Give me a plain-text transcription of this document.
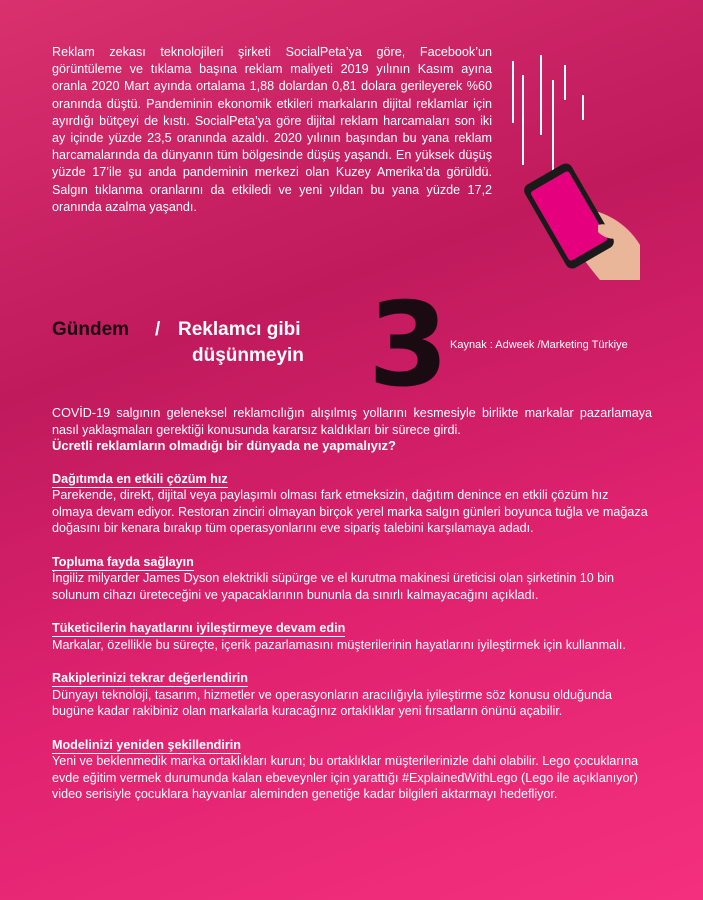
Reklam zekası teknolojileri şirketi SocialPeta’ya göre, Facebook’un görüntüleme ve tıklama başına reklam maliyeti 2019 yılının Kasım ayına oranla 2020 Mart ayında ortalama 1,88 dolardan 0,81 dolara gerileyerek %60 oranında düştü. Pandeminin ekonomik etkileri markaların dijital reklamlar için ayırdığı bütçeyi de kıstı. SocialPeta’ya göre dijital reklam harcamaları son iki ay içinde yüzde 23,5 oranında azaldı. 2020 yılının başından bu yana reklam harcamalarında da dünyanın tüm bölgesinde düşüş yaşandı. En yüksek düşüş yüzde 17’ile şu anda pandeminin merkezi olan Kuzey Amerika’da görüldü. Salgın tıklanma oranlarını da etkiledi ve yeni yıldan bu yana yüzde 17,2 oranında azalma yaşandı.

Gündem / Reklamcı gibi
düşünmeyin 3 Kaynak : Adweek /Marketing Türkiye

COVİD-19 salgının geleneksel reklamcılığın alışılmış yollarını kesmesiyle birlikte markalar pazarlamaya nasıl yaklaşmaları gerektiği konusunda kararsız kaldıkları bir sürece girdi.

Ücretli reklamların olmadığı bir dünyada ne yapmalıyız?

Dağıtımda en etkili çözüm hız

Parekende, direkt, dijital veya paylaşımlı olması fark etmeksizin, dağıtım denince en etkili çözüm hız olmaya devam ediyor. Restoran zinciri olmayan birçok yerel marka salgın günleri boyunca tuğla ve mağaza doğasını bir kenara bırakıp tüm operasyonlarını eve sipariş talebini karşılamaya adadı.

Topluma fayda sağlayın

İngiliz milyarder James Dyson elektrikli süpürge ve el kurutma makinesi üreticisi olan şirketinin 10 bin solunum cihazı üreteceğini ve yapacaklarının bununla da sınırlı kalmayacağını açıkladı.

Tüketicilerin hayatlarını iyileştirmeye devam edin

Markalar, özellikle bu süreçte, içerik pazarlamasını müşterilerinin hayatlarını iyileştirmek için kullanmalı.

Rakiplerinizi tekrar değerlendirin

Dünyayı teknoloji, tasarım, hizmetler ve operasyonların aracılığıyla iyileştirme söz konusu olduğunda bugüne kadar rakibiniz olan markalarla kuracağınız ortaklıklar yeni fırsatların önünü açabilir.

Modelinizi yeniden şekillendirin

Yeni ve beklenmedik marka ortaklıkları kurun; bu ortaklıklar müşterilerinizle dahi olabilir. Lego çocuklarına evde eğitim vermek durumunda kalan ebeveynler için yarattığı #ExplainedWithLego (Lego ile açıklanıyor) video serisiyle çocuklara hayvanlar aleminden genetiğe kadar bilgileri aktarmayı hedefliyor.
